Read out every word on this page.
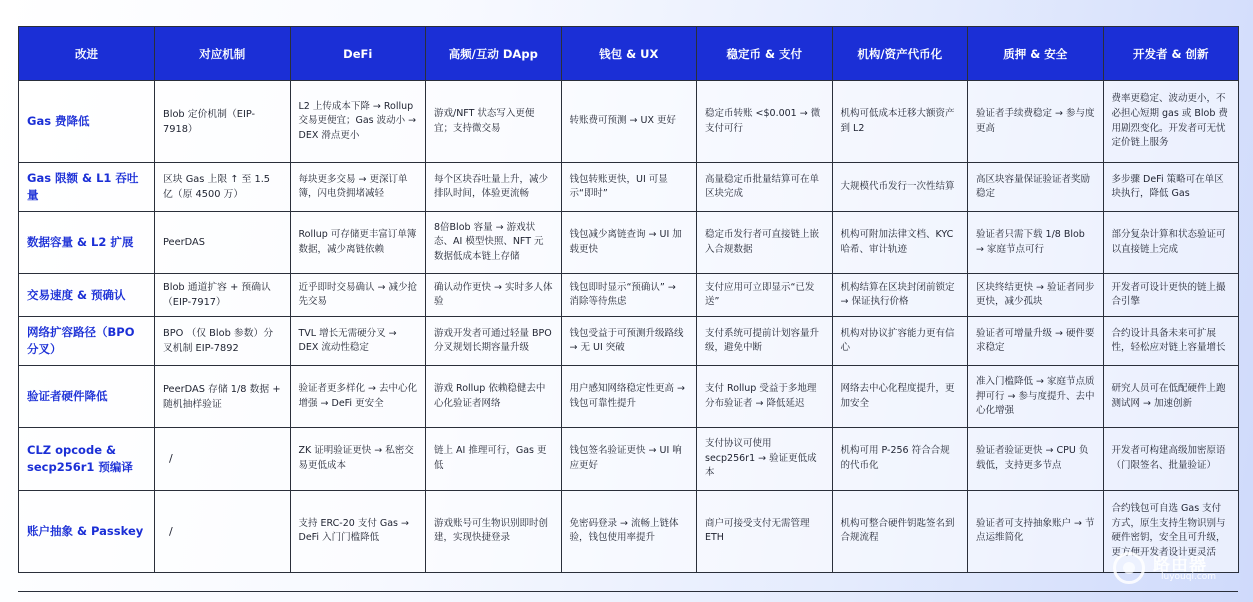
改进	对应机制	DeFi	高频/互动 DApp	钱包 & UX	稳定币 & 支付	机构/资产代币化	质押 & 安全	开发者 & 创新
Gas 费降低	Blob 定价机制（EIP-7918）	L2 上传成本下降 → Rollup 交易更便宜；Gas 波动小 → DEX 滑点更小	游戏/NFT 状态写入更便宜；支持微交易	转账费可预测 → UX 更好	稳定币转账 <$0.001 → 微支付可行	机构可低成本迁移大额资产到 L2	验证者手续费稳定 → 参与度更高	费率更稳定、波动更小，不必担心短期 gas 或 Blob 费用剧烈变化。开发者可无忧定价链上服务
Gas 限额 & L1 吞吐量	区块 Gas 上限 ↑ 至 1.5 亿（原 4500 万）	每块更多交易 → 更深订单簿，闪电贷拥堵减轻	每个区块吞吐量上升，减少排队时间，体验更流畅	钱包转账更快，UI 可显示“即时”	高量稳定币批量结算可在单区块完成	大规模代币发行一次性结算	高区块容量保证验证者奖励稳定	多步骤 DeFi 策略可在单区块执行，降低 Gas
数据容量 & L2 扩展	PeerDAS	Rollup 可存储更丰富订单簿数据，减少离链依赖	8倍Blob 容量 → 游戏状态、AI 模型快照、NFT 元数据低成本链上存储	钱包减少离链查询 → UI 加载更快	稳定币发行者可直接链上嵌入合规数据	机构可附加法律文档、KYC 哈希、审计轨迹	验证者只需下载 1/8 Blob → 家庭节点可行	部分复杂计算和状态验证可以直接链上完成
交易速度 & 预确认	Blob 通道扩容 + 预确认（EIP-7917）	近乎即时交易确认 → 减少抢先交易	确认动作更快 → 实时多人体验	钱包即时显示“预确认” → 消除等待焦虑	支付应用可立即显示“已发送”	机构结算在区块封闭前锁定 → 保证执行价格	区块终结更快 → 验证者同步更快，减少孤块	开发者可设计更快的链上撮合引擎
网络扩容路径（BPO 分叉）	BPO （仅 Blob 参数）分叉机制 EIP-7892	TVL 增长无需硬分叉 → DEX 流动性稳定	游戏开发者可通过轻量 BPO 分叉规划长期容量升级	钱包受益于可预测升级路线 → 无 UI 突破	支付系统可提前计划容量升级，避免中断	机构对协议扩容能力更有信心	验证者可增量升级 → 硬件要求稳定	合约设计具备未来可扩展性，轻松应对链上容量增长
验证者硬件降低	PeerDAS 存储 1/8 数据 + 随机抽样验证	验证者更多样化 → 去中心化增强 → DeFi 更安全	游戏 Rollup 依赖稳健去中心化验证者网络	用户感知网络稳定性更高 → 钱包可靠性提升	支付 Rollup 受益于多地理分布验证者 → 降低延迟	网络去中心化程度提升，更加安全	准入门槛降低 → 家庭节点质押可行 → 参与度提升、去中心化增强	研究人员可在低配硬件上跑测试网 → 加速创新
CLZ opcode & secp256r1 预编译	/	ZK 证明验证更快 → 私密交易更低成本	链上 AI 推理可行，Gas 更低	钱包签名验证更快 → UI 响应更好	支付协议可使用 secp256r1 → 验证更低成本	机构可用 P-256 符合合规的代币化	验证者验证更快 → CPU 负载低，支持更多节点	开发者可构建高级加密原语（门限签名、批量验证）
账户抽象 & Passkey	/	支持 ERC-20 支付 Gas → DeFi 入门门槛降低	游戏账号可生物识别即时创建，实现快捷登录	免密码登录 → 流畅上链体验，钱包使用率提升	商户可接受支付无需管理 ETH	机构可整合硬件钥匙签名到合规流程	验证者可支持抽象账户 → 节点运维简化	合约钱包可自选 Gas 支付方式，原生支持生物识别与硬件密钥，安全且可升级，更方便开发者设计更灵活
路由器
luyouqi.com
